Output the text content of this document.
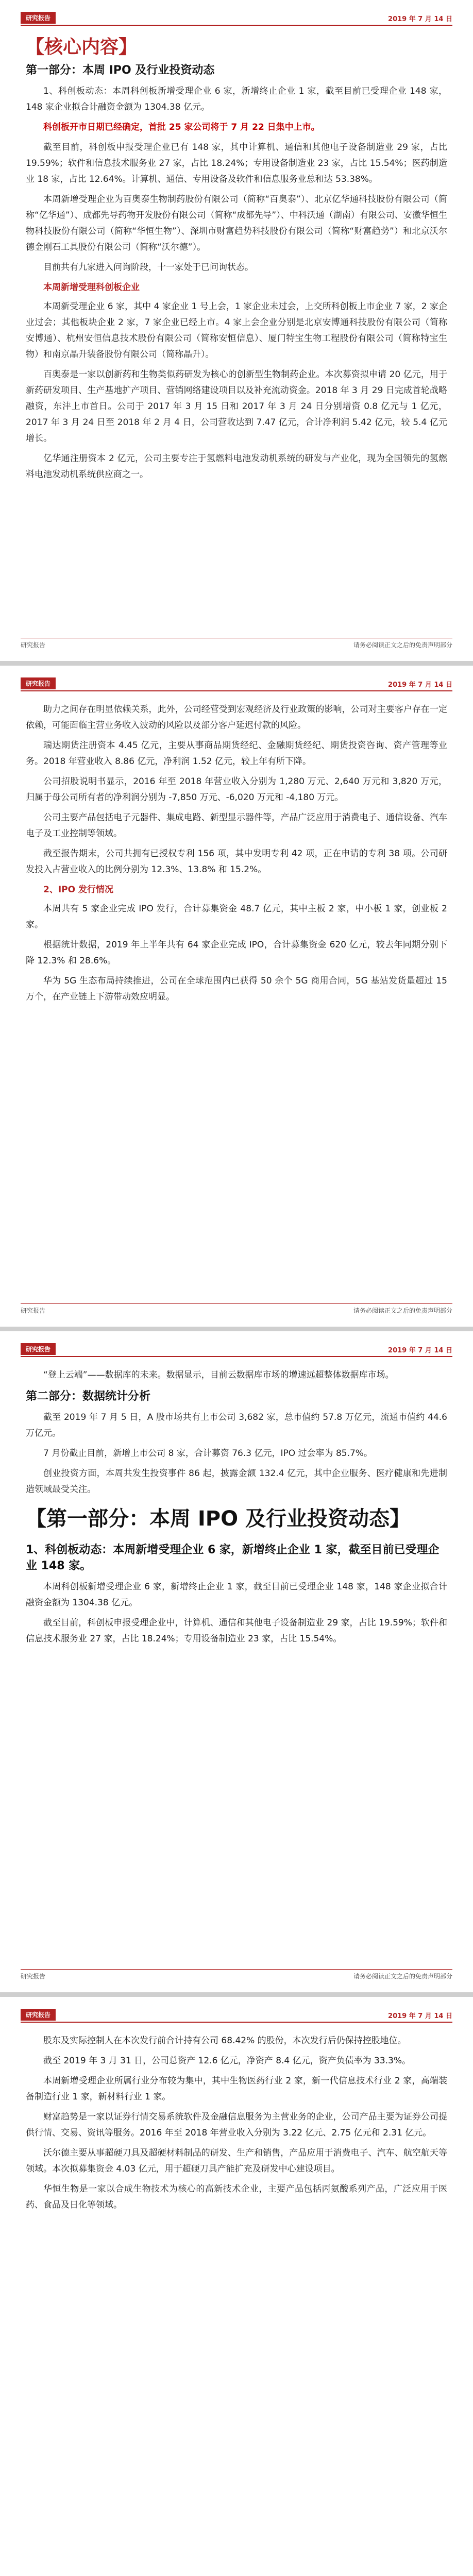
研究报告	2019 年 7 月 14 日
【核心内容】
第一部分：本周 IPO 及行业投资动态

1、科创板动态：本周科创板新增受理企业 6 家，新增终止企业 1 家，截至目前已受理企业 148 家，148 家企业拟合计融资金额为 1304.38 亿元。

科创板开市日期已经确定，首批 25 家公司将于 7 月 22 日集中上市。

截至目前，科创板申报受理企业已有 148 家，其中计算机、通信和其他电子设备制造业 29 家，占比 19.59%；软件和信息技术服务业 27 家，占比 18.24%；专用设备制造业 23 家，占比 15.54%；医药制造业 18 家，占比 12.64%。计算机、通信、专用设备及软件和信息服务业总和达 53.38%。

本周新增受理企业为百奥泰生物制药股份有限公司（简称“百奥泰”）、北京亿华通科技股份有限公司（简称“亿华通”）、成都先导药物开发股份有限公司（简称“成都先导”）、中科沃通（湖南）有限公司、安徽华恒生物科技股份有限公司（简称“华恒生物”）、深圳市财富趋势科技股份有限公司（简称“财富趋势”）和北京沃尔德金刚石工具股份有限公司（简称“沃尔德”）。

目前共有九家进入问询阶段，十一家处于已问询状态。

本周新增受理科创板企业

本周新受理企业 6 家，其中 4 家企业 1 号上会，1 家企业未过会，上交所科创板上市企业 7 家，2 家企业过会；其他板块企业 2 家，7 家企业已经上市。4 家上会企业分别是北京安博通科技股份有限公司（简称安博通）、杭州安恒信息技术股份有限公司（简称安恒信息）、厦门特宝生物工程股份有限公司（简称特宝生物）和南京晶升装备股份有限公司（简称晶升）。

百奥泰是一家以创新药和生物类似药研发为核心的创新型生物制药企业。本次募资拟申请 20 亿元，用于新药研发项目、生产基地扩产项目、营销网络建设项目以及补充流动资金。2018 年 3 月 29 日完成首轮战略融资，东沣上市首日。公司于 2017 年 3 月 15 日和 2017 年 3 月 24 日分别增资 0.8 亿元与 1 亿元，2017 年 3 月 24 日至 2018 年 2 月 4 日，公司营收达到 7.47 亿元，合计净利润 5.42 亿元，较 5.4 亿元增长。

亿华通注册资本 2 亿元，公司主要专注于氢燃料电池发动机系统的研发与产业化，现为全国领先的氢燃料电池发动机系统供应商之一。

研究报告	请务必阅读正文之后的免责声明部分
研究报告	2019 年 7 月 14 日

助力之间存在明显依赖关系，此外，公司经营受到宏观经济及行业政策的影响，公司对主要客户存在一定依赖，可能面临主营业务收入波动的风险以及部分客户延迟付款的风险。

瑞达期货注册资本 4.45 亿元，主要从事商品期货经纪、金融期货经纪、期货投资咨询、资产管理等业务。2018 年营业收入 8.86 亿元，净利润 1.52 亿元，较上年有所下降。

公司招股说明书显示，2016 年至 2018 年营业收入分别为 1,280 万元、2,640 万元和 3,820 万元，归属于母公司所有者的净利润分别为 -7,850 万元、-6,020 万元和 -4,180 万元。

公司主要产品包括电子元器件、集成电路、新型显示器件等，产品广泛应用于消费电子、通信设备、汽车电子及工业控制等领域。

截至报告期末，公司共拥有已授权专利 156 项，其中发明专利 42 项，正在申请的专利 38 项。公司研发投入占营业收入的比例分别为 12.3%、13.8% 和 15.2%。

2、IPO 发行情况

本周共有 5 家企业完成 IPO 发行，合计募集资金 48.7 亿元，其中主板 2 家，中小板 1 家，创业板 2 家。

根据统计数据，2019 年上半年共有 64 家企业完成 IPO，合计募集资金 620 亿元，较去年同期分别下降 12.3% 和 28.6%。

华为 5G 生态布局持续推进，公司在全球范围内已获得 50 余个 5G 商用合同，5G 基站发货量超过 15 万个，在产业链上下游带动效应明显。

研究报告	请务必阅读正文之后的免责声明部分
研究报告	2019 年 7 月 14 日

“登上云端”——数据库的未来。数据显示，目前云数据库市场的增速远超整体数据库市场。

第二部分：数据统计分析

截至 2019 年 7 月 5 日，A 股市场共有上市公司 3,682 家，总市值约 57.8 万亿元，流通市值约 44.6 万亿元。

7 月份截止目前，新增上市公司 8 家，合计募资 76.3 亿元，IPO 过会率为 85.7%。

创业投资方面，本周共发生投资事件 86 起，披露金额 132.4 亿元，其中企业服务、医疗健康和先进制造领域最受关注。

【第一部分：本周 IPO 及行业投资动态】
1、科创板动态：本周新增受理企业 6 家，新增终止企业 1 家，截至目前已受理企业 148 家。

本周科创板新增受理企业 6 家，新增终止企业 1 家，截至目前已受理企业 148 家，148 家企业拟合计融资金额为 1304.38 亿元。

截至目前，科创板申报受理企业中，计算机、通信和其他电子设备制造业 29 家，占比 19.59%；软件和信息技术服务业 27 家，占比 18.24%；专用设备制造业 23 家，占比 15.54%。

研究报告	请务必阅读正文之后的免责声明部分
研究报告	2019 年 7 月 14 日

股东及实际控制人在本次发行前合计持有公司 68.42% 的股份，本次发行后仍保持控股地位。

截至 2019 年 3 月 31 日，公司总资产 12.6 亿元，净资产 8.4 亿元，资产负债率为 33.3%。

本周新增受理企业所属行业分布较为集中，其中生物医药行业 2 家，新一代信息技术行业 2 家，高端装备制造行业 1 家，新材料行业 1 家。

财富趋势是一家以证券行情交易系统软件及金融信息服务为主营业务的企业，公司产品主要为证券公司提供行情、交易、资讯等服务。2016 年至 2018 年营业收入分别为 3.22 亿元、2.75 亿元和 2.31 亿元。

沃尔德主要从事超硬刀具及超硬材料制品的研发、生产和销售，产品应用于消费电子、汽车、航空航天等领域。本次拟募集资金 4.03 亿元，用于超硬刀具产能扩充及研发中心建设项目。

华恒生物是一家以合成生物技术为核心的高新技术企业，主要产品包括丙氨酸系列产品，广泛应用于医药、食品及日化等领域。
